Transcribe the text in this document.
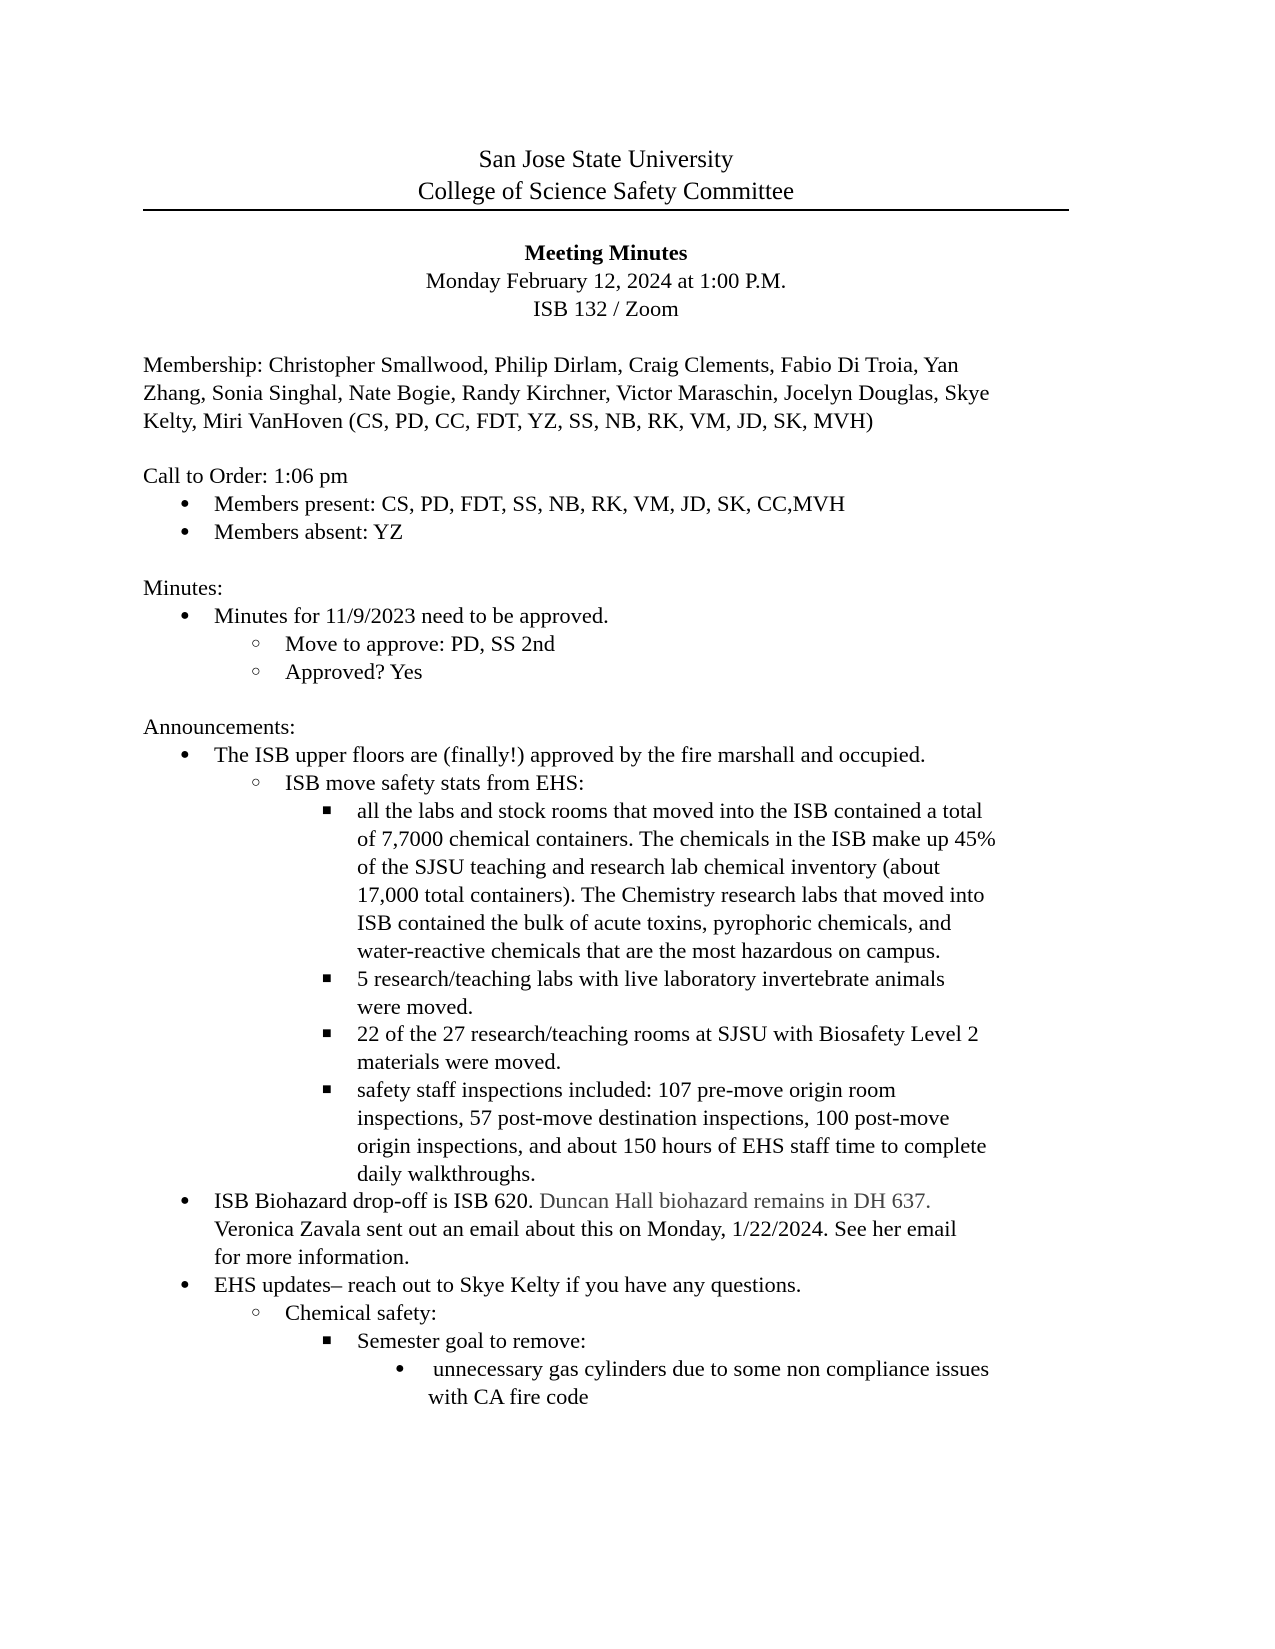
San Jose State University
College of Science Safety Committee
Meeting Minutes
Monday February 12, 2024 at 1:00 P.M.
ISB 132 / Zoom
Membership: Christopher Smallwood, Philip Dirlam, Craig Clements, Fabio Di Troia, Yan
Zhang, Sonia Singhal, Nate Bogie, Randy Kirchner, Victor Maraschin, Jocelyn Douglas, Skye
Kelty, Miri VanHoven (CS, PD, CC, FDT, YZ, SS, NB, RK, VM, JD, SK, MVH)
Call to Order: 1:06 pm
● Members present: CS, PD, FDT, SS, NB, RK, VM, JD, SK, CC,MVH
● Members absent: YZ
Minutes:
● Minutes for 11/9/2023 need to be approved.
○ Move to approve: PD, SS 2nd
○ Approved? Yes
Announcements:
● The ISB upper floors are (finally!) approved by the fire marshall and occupied.
○ ISB move safety stats from EHS:
■ all the labs and stock rooms that moved into the ISB contained a total
of 7,7000 chemical containers. The chemicals in the ISB make up 45%
of the SJSU teaching and research lab chemical inventory (about
17,000 total containers). The Chemistry research labs that moved into
ISB contained the bulk of acute toxins, pyrophoric chemicals, and
water-reactive chemicals that are the most hazardous on campus.
■ 5 research/teaching labs with live laboratory invertebrate animals
were moved.
■ 22 of the 27 research/teaching rooms at SJSU with Biosafety Level 2
materials were moved.
■ safety staff inspections included: 107 pre-move origin room
inspections, 57 post-move destination inspections, 100 post-move
origin inspections, and about 150 hours of EHS staff time to complete
daily walkthroughs.
● ISB Biohazard drop-off is ISB 620. Duncan Hall biohazard remains in DH 637.
Veronica Zavala sent out an email about this on Monday, 1/22/2024. See her email
for more information.
● EHS updates– reach out to Skye Kelty if you have any questions.
○ Chemical safety:
■ Semester goal to remove:
● unnecessary gas cylinders due to some non compliance issues
with CA fire code
